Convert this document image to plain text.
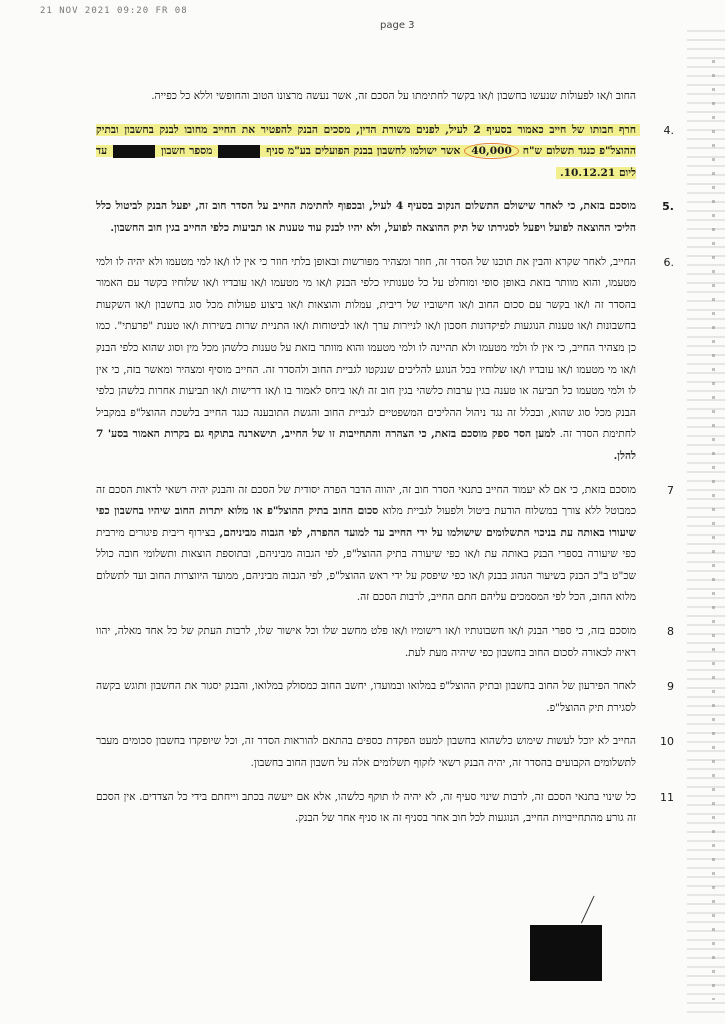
21 NOV 2021 09:20 FR 08
page 3

החוב ו/או לפעולות שנעשו בחשבון ו/או בקשר לחתימתו על הסכם זה, אשר נעשה מרצונו הטוב והחופשי וללא כל כפייה.

4.
חרף חבותו של חייב כאמור בסעיף 2 לעיל, לפנים משורת הדין, מסכים הבנק להפטיר את החייב מחובו לבנק בחשבון ובתיק ההוצל"פ כנגד תשלום ש"ח 40,000 אשר ישולמו לחשבון בבנק הפועלים בע"מ סניף  מספר חשבון  עד ליום 10.12.21.
5.
מוסכם בזאת, כי לאחר שישולם התשלום הנקוב בסעיף 4 לעיל, ובכפוף לחתימת החייב על הסדר חוב זה, יפעל הבנק לביטול כלל הליכי ההוצאה לפועל ויפעל לסגירתו של תיק ההוצאה לפועל, ולא יהיו לבנק עוד טענות או תביעות כלפי החייב בגין חוב החשבון.
6.
החייב, לאחר שקרא והבין את תוכנו של הסדר זה, חוזר ומצהיר מפורשות ובאופן בלתי חוזר כי אין לו ו/או למי מטעמו ולא יהיה לו ולמי מטעמו, והוא מוותר בזאת באופן סופי ומוחלט על כל טענותיו כלפי הבנק ו/או מי מטעמו ו/או עובדיו ו/או שלוחיו בקשר עם האמור בהסדר זה ו/או בקשר עם סכום החוב ו/או חישוביו של ריבית, עמלות והוצאות ו/או ביצוע פעולות מכל סוג בחשבון ו/או השקעות בחשבונות ו/או טענות הנוגעות לפיקדונות חסכון ו/או לניירות ערך ו/או לביטוחות ו/או התניית שרות בשירות ו/או טענת "פרעתי". כמו כן מצהיר החייב, כי אין לו ולמי מטעמו ולא תהיינה לו ולמי מטעמו והוא מוותר בזאת על טענות כלשהן מכל מין וסוג שהוא כלפי הבנק ו/או מי מטעמו ו/או עובדיו ו/או שלוחיו בכל הנוגע להליכים שננקטו לגביית החוב ולהסדר זה. החייב מוסיף ומצהיר ומאשר בזה, כי אין לו ולמי מטעמו כל תביעה או טענה בגין ערבות כלשהי בגין חוב זה ו/או ביחס לאמור בו ו/או דרישות ו/או תביעות אחרות כלשהן כלפי הבנק מכל סוג שהוא, ובכלל זה נגד ניהול ההליכים המשפטיים לגביית החוב והגשת התובענה כנגד החייב בלשכת ההוצל"פ במקביל לחתימת הסדר זה. למען הסר ספק מוסכם בזאת, כי הצהרה והתחייבות זו של החייב, תישארנה בתוקף גם בקרות האמור בסע' 7 להלן.
7
מוסכם בזאת, כי אם לא יעמוד החייב בתנאי הסדר חוב זה, יהווה הדבר הפרה יסודית של הסכם זה והבנק יהיה רשאי לראות הסכם זה כמבוטל ללא צורך במשלוח הודעת ביטול ולפעול לגביית מלוא סכום החוב בתיק ההוצל"פ או מלוא יתרות החוב שיהיו בחשבון כפי שיעורו באותה עת בניכוי התשלומים שישולמו על ידי החייב עד למועד ההפרה, לפי הגבוה מביניהם, בצירוף ריבית פיגורים מירבית כפי שיעורה בספרי הבנק באותה עת ו/או כפי שיעורה בתיק ההוצל"פ, לפי הגבוה מביניהם, ובתוספת הוצאות ותשלומי חובה כולל שכ"ט ב"כ הבנק בשיעור הנהוג בבנק ו/או כפי שיפסק על ידי ראש ההוצל"פ, לפי הגבוה מביניהם, ממועד היווצרות החוב ועד לתשלום מלוא החוב, הכל לפי המסמכים עליהם חתם החייב, לרבות הסכם זה.
8
מוסכם בזה, כי ספרי הבנק ו/או חשבונותיו ו/או רישומיו ו/או פלט מחשב שלו וכל אישור שלו, לרבות העתק של כל אחד מאלה, יהוו ראיה לכאורה לסכום החוב בחשבון כפי שיהיה מעת לעת.
9
לאחר הפירעון של החוב בחשבון ובתיק ההוצל"פ במלואו ובמועדו, יחשב החוב כמסולק במלואו, והבנק יסגור את החשבון ותוגש בקשה לסגירת תיק ההוצל"פ.
10
החייב לא יוכל לעשות שימוש כלשהוא בחשבון למעט הפקדת כספים בהתאם להוראות הסדר זה, וכל שיופקדו בחשבון סכומים מעבר לתשלומים הקבועים בהסדר זה, יהיה הבנק רשאי לזקוף תשלומים אלה על חשבון החוב בחשבון.
11
כל שינוי בתנאי הסכם זה, לרבות שינוי סעיף זה, לא יהיה לו תוקף כלשהו, אלא אם ייעשה בכתב וייחתם בידי כל הצדדים. אין הסכם זה גורע מהתחייבויות החייב, הנוגעות לכל חוב אחר בסניף זה או סניף אחר של הבנק.
